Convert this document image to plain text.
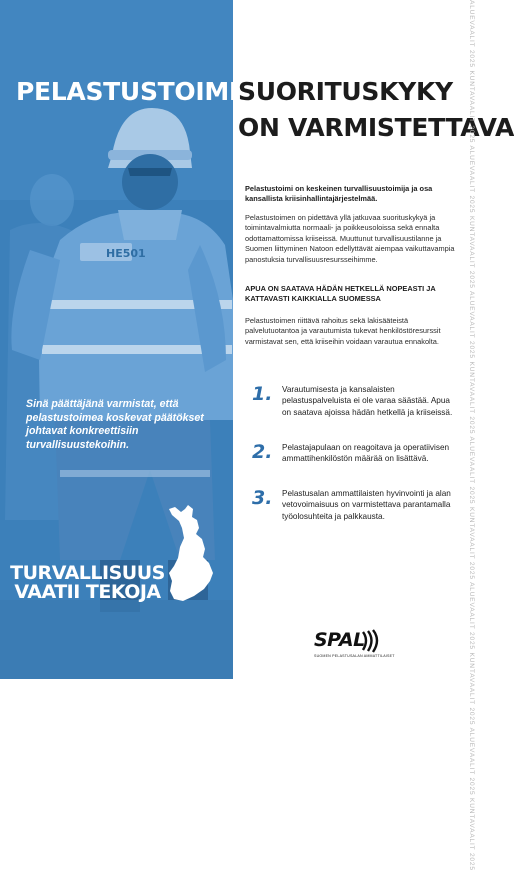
HE501
PELASTUSTOIMEN
SUORITUSKYKY
ON VARMISTETTAVA

Pelastustoimi on keskeinen turvallisuustoimija ja osa kansallista kriisinhallintajärjestelmää.

Pelastustoimen on pidettävä yllä jatkuvaa suorituskykyä ja toimintavalmiutta normaali- ja poikkeusoloissa sekä ennalta odottamattomissa kriiseissä. Muuttunut turvallisuustilanne ja Suomen liittyminen Natoon edellyttävät aiempaa vaikuttavampia panostuksia turvallisuusresursseihimme.

APUA ON SAATAVA HÄDÄN HETKELLÄ NOPEASTI JA KATTAVASTI KAIKKIALLA SUOMESSA

Pelastustoimen riittävä rahoitus sekä lakisääteistä palvelutuotantoa ja varautumista tukevat henkilöstöresurssit varmistavat sen, että kriiseihin voidaan varautua ennakolta.

1. Varautumisesta ja kansalaisten pelastuspalveluista ei ole varaa säästää. Apua on saatava ajoissa hädän hetkellä ja kriiseissä.

2. Pelastajapulaan on reagoitava ja operatiivisen ammattihenkilöstön määrää on lisättävä.

3. Pelastusalan ammattilaisten hyvinvointi ja alan vetovoimaisuus on varmistettava parantamalla työolosuhteita ja palkkausta.

Sinä päättäjänä varmistat, että pelastustoimea koskevat päätökset johtavat konkreettisiin turvallisuustekoihin.

TURVALLISUUS
VAATII TEKOJA
SPAL
SUOMEN PELASTUSALAN AMMATTILAISET	ALUEVAALIT 2025 KUNTAVAALIT 2025 ALUEVAALIT 2025 KUNTAVAALIT 2025 ALUEVAALIT 2025 KUNTAVAALIT 2025 ALUEVAALIT 2025 KUNTAVAALIT 2025 ALUEVAALIT 2025 KUNTAVAALIT 2025 ALUEVAALIT 2025 KUNTAVAALIT 2025
